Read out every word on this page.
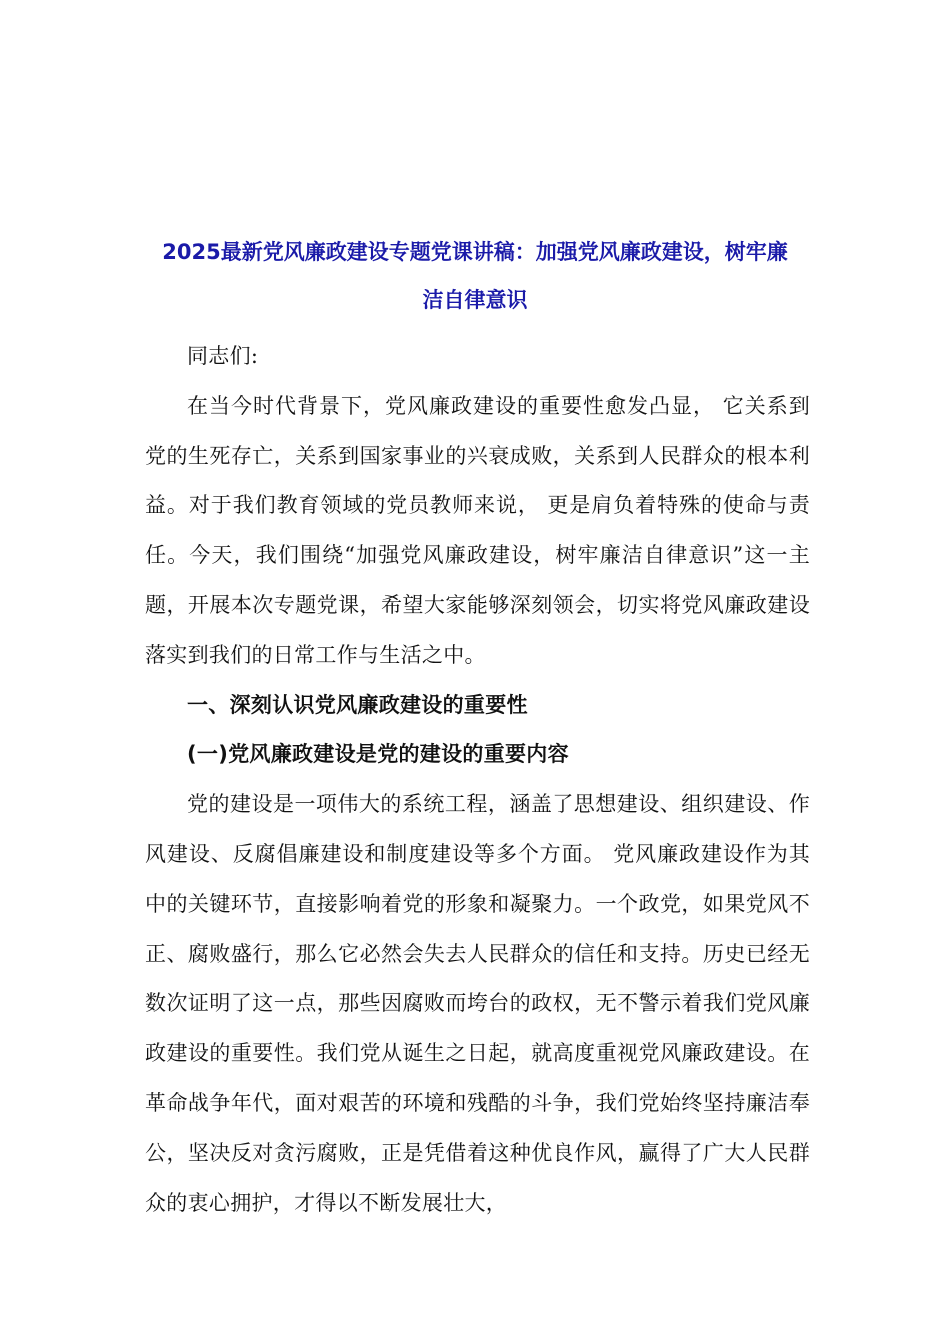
2025最新党风廉政建设专题党课讲稿：加强党风廉政建设，树牢廉
洁自律意识

同志们:

在当今时代背景下，党风廉政建设的重要性愈发凸显， 它关系到党的生死存亡，关系到国家事业的兴衰成败，关系到人民群众的根本利益。对于我们教育领域的党员教师来说， 更是肩负着特殊的使命与责任。今天，我们围绕“加强党风廉政建设，树牢廉洁自律意识”这一主题，开展本次专题党课，希望大家能够深刻领会，切实将党风廉政建设落实到我们的日常工作与生活之中。

一、深刻认识党风廉政建设的重要性

(一)党风廉政建设是党的建设的重要内容

党的建设是一项伟大的系统工程，涵盖了思想建设、组织建设、作风建设、反腐倡廉建设和制度建设等多个方面。 党风廉政建设作为其中的关键环节，直接影响着党的形象和凝聚力。一个政党，如果党风不正、腐败盛行，那么它必然会失去人民群众的信任和支持。历史已经无数次证明了这一点，那些因腐败而垮台的政权，无不警示着我们党风廉政建设的重要性。我们党从诞生之日起，就高度重视党风廉政建设。在革命战争年代，面对艰苦的环境和残酷的斗争，我们党始终坚持廉洁奉公，坚决反对贪污腐败，正是凭借着这种优良作风，赢得了广大人民群众的衷心拥护，才得以不断发展壮大，
